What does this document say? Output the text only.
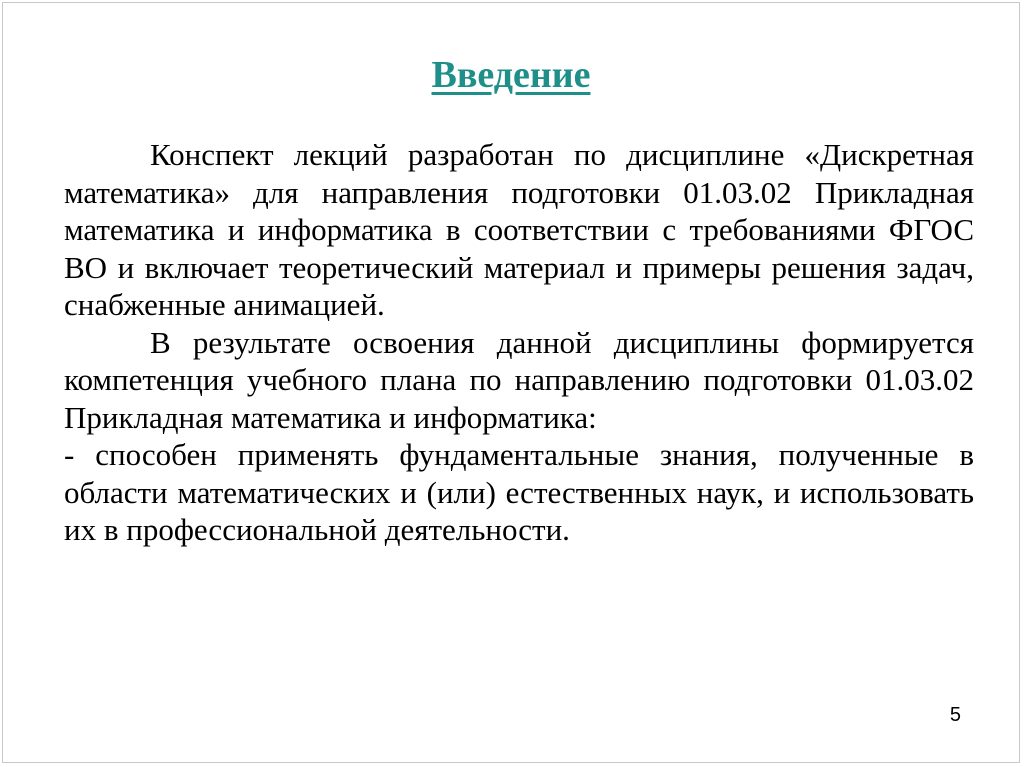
Введение

Конспект лекций разработан по дисциплине «Дискретная математика» для направления подготовки 01.03.02 Прикладная математика и информатика в соответствии с требованиями ФГОС ВО и включает теоретический материал и примеры решения задач, снабженные анимацией.

В результате освоения данной дисциплины формируется компетенция учебного плана по направлению подготовки 01.03.02 Прикладная математика и информатика:

- способен применять фундаментальные знания, полученные в области математических и (или) естественных наук, и использовать их в профессиональной деятельности.

5
